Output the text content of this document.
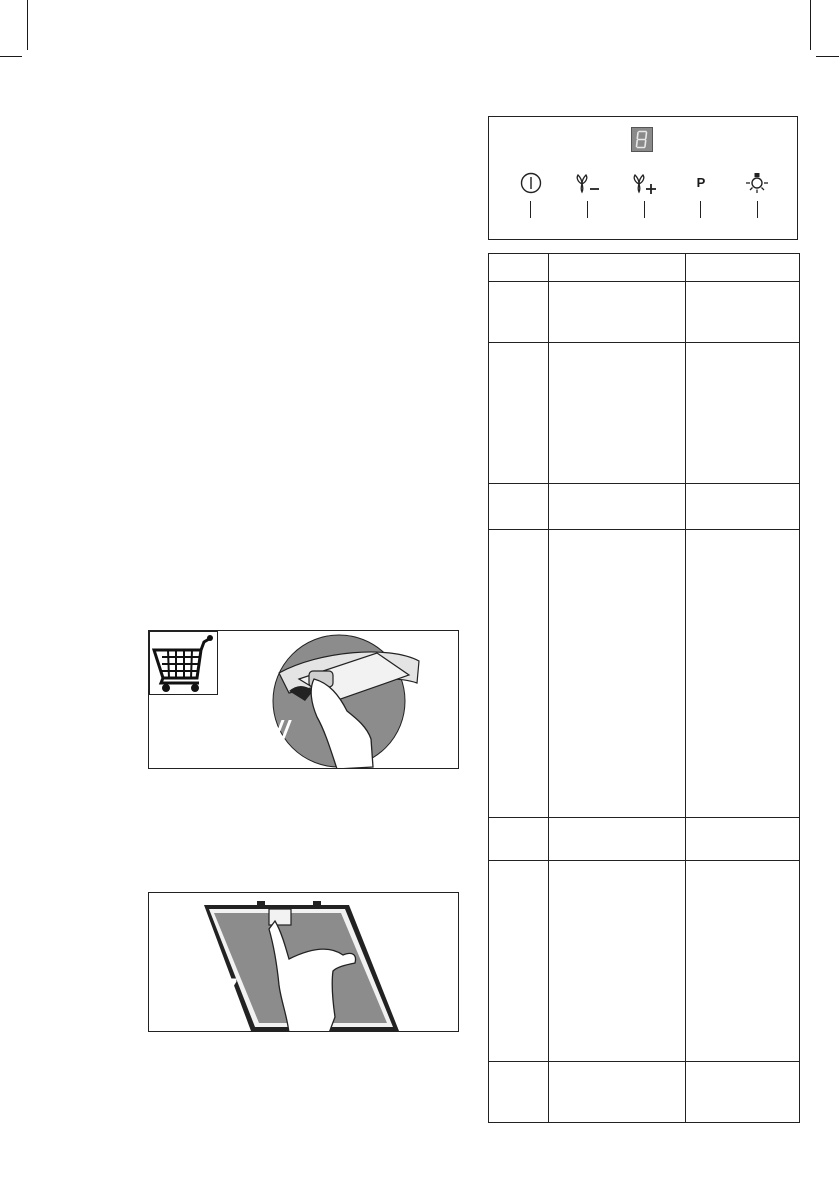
P

//
7
